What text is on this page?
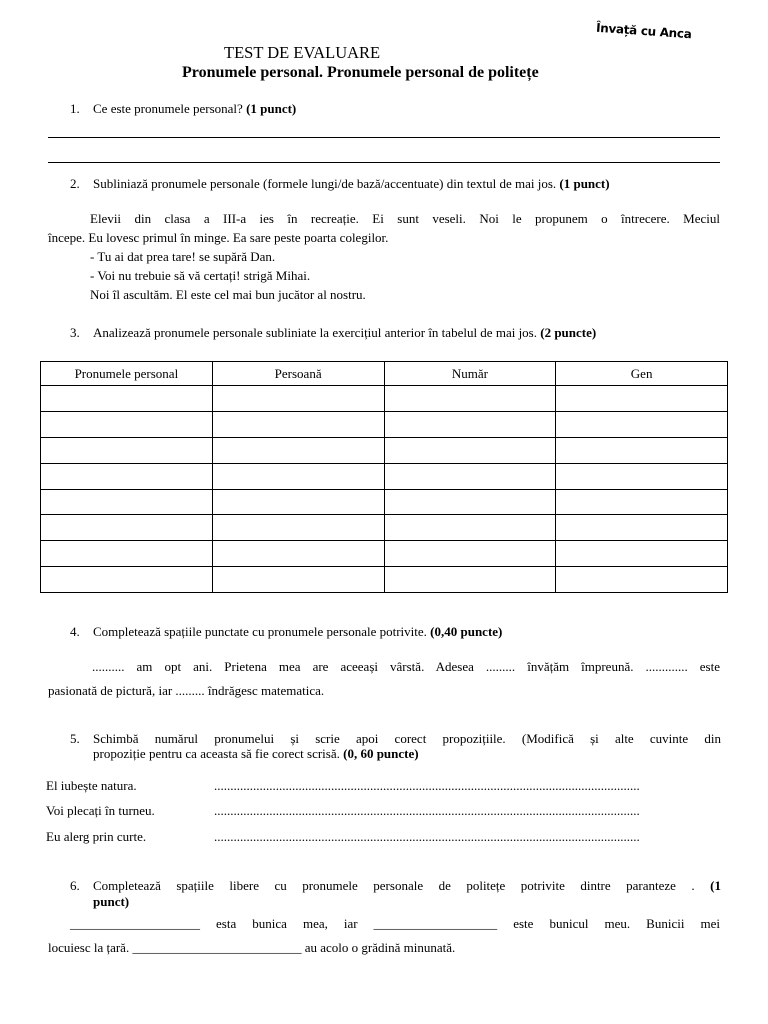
Învață cu Anca
TEST DE EVALUARE
Pronumele personal. Pronumele personal de politețe
1. Ce este pronumele personal? (1 punct)
2. Subliniază pronumele personale (formele lungi/de bază/accentuate) din textul de mai jos. (1 punct)
Elevii din clasa a III-a ies în recreație. Ei sunt veseli. Noi le propunem o întrecere. Meciul
începe. Eu lovesc primul în minge. Ea sare peste poarta colegilor.
- Tu ai dat prea tare! se supără Dan.
- Voi nu trebuie să vă certați! strigă Mihai.
Noi îl ascultăm. El este cel mai bun jucător al nostru.
3. Analizează pronumele personale subliniate la exercițiul anterior în tabelul de mai jos. (2 puncte)
Pronumele personal	Persoană	Număr	Gen

4. Completează spațiile punctate cu pronumele personale potrivite. (0,40 puncte)
.......... am opt ani. Prietena mea are aceeași vârstă. Adesea ......... învățăm împreună. ............. este
pasionată de pictură, iar ......... îndrăgesc matematica.
5. Schimbă numărul pronumelui și scrie apoi corect propozițiile. (Modifică și alte cuvinte din
propoziție pentru ca aceasta să fie corect scrisă. (0, 60 puncte)
El iubește natura.	...................................................................................................................................
Voi plecați în turneu.	...................................................................................................................................
Eu alerg prin curte.	...................................................................................................................................
6. Completează spațiile libere cu pronumele personale de politețe potrivite dintre paranteze . (1
punct)
____________________ esta bunica mea, iar ___________________ este bunicul meu. Bunicii mei
locuiesc la țară. __________________________ au acolo o grădină minunată.
